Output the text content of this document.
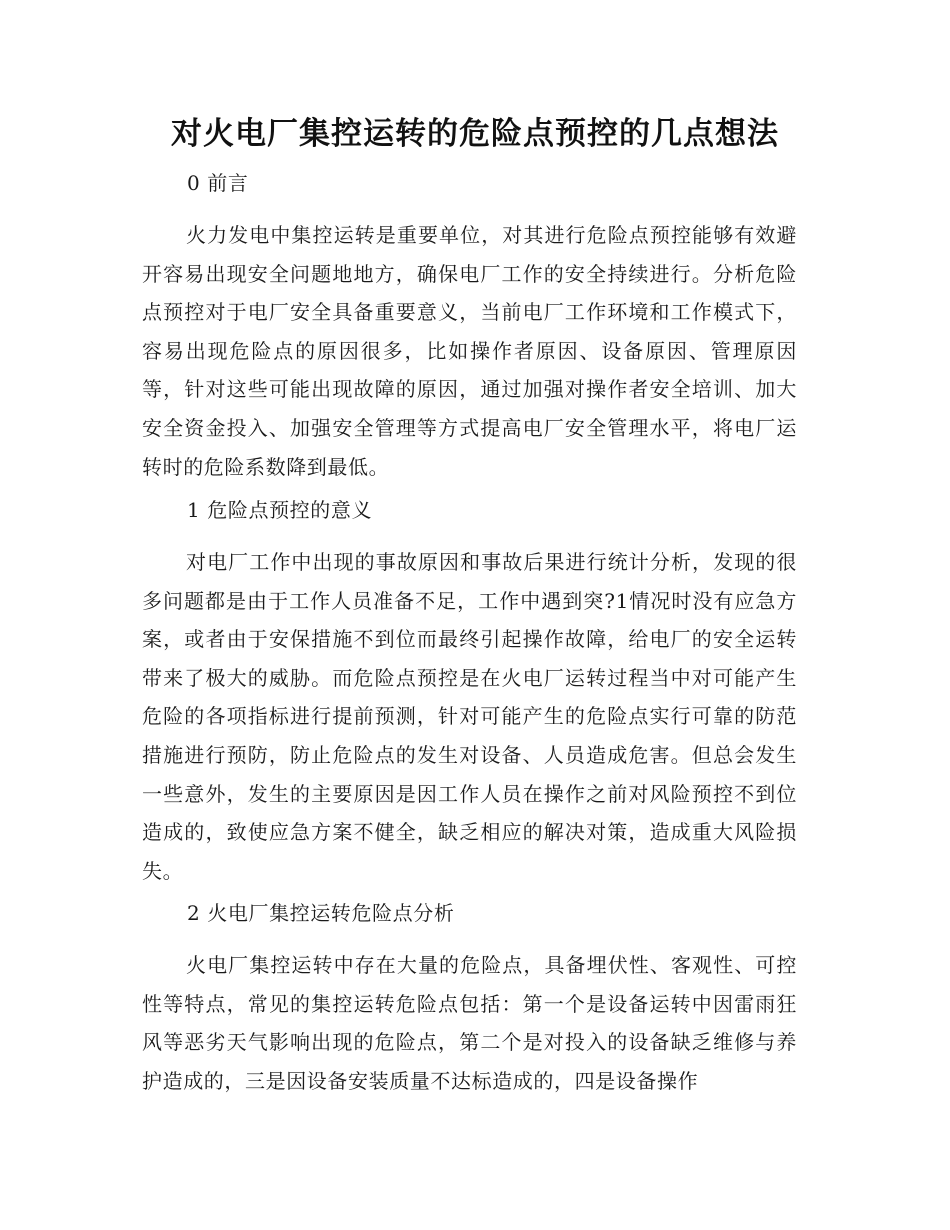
对火电厂集控运转的危险点预控的几点想法
0 前言

火力发电中集控运转是重要单位，对其进行危险点预控能够有效避开容易出现安全问题地地方，确保电厂工作的安全持续进行。分析危险点预控对于电厂安全具备重要意义，当前电厂工作环境和工作模式下，容易出现危险点的原因很多，比如操作者原因、设备原因、管理原因等，针对这些可能出现故障的原因，通过加强对操作者安全培训、加大安全资金投入、加强安全管理等方式提高电厂安全管理水平，将电厂运转时的危险系数降到最低。

1 危险点预控的意义

对电厂工作中出现的事故原因和事故后果进行统计分析，发现的很多问题都是由于工作人员准备不足，工作中遇到突?1情况时没有应急方案，或者由于安保措施不到位而最终引起操作故障，给电厂的安全运转带来了极大的威胁。而危险点预控是在火电厂运转过程当中对可能产生危险的各项指标进行提前预测，针对可能产生的危险点实行可靠的防范措施进行预防，防止危险点的发生对设备、人员造成危害。但总会发生一些意外，发生的主要原因是因工作人员在操作之前对风险预控不到位造成的，致使应急方案不健全，缺乏相应的解决对策，造成重大风险损失。

2 火电厂集控运转危险点分析

火电厂集控运转中存在大量的危险点，具备埋伏性、客观性、可控性等特点，常见的集控运转危险点包括：第一个是设备运转中因雷雨狂风等恶劣天气影响出现的危险点，第二个是对投入的设备缺乏维修与养护造成的，三是因设备安装质量不达标造成的，四是设备操作
